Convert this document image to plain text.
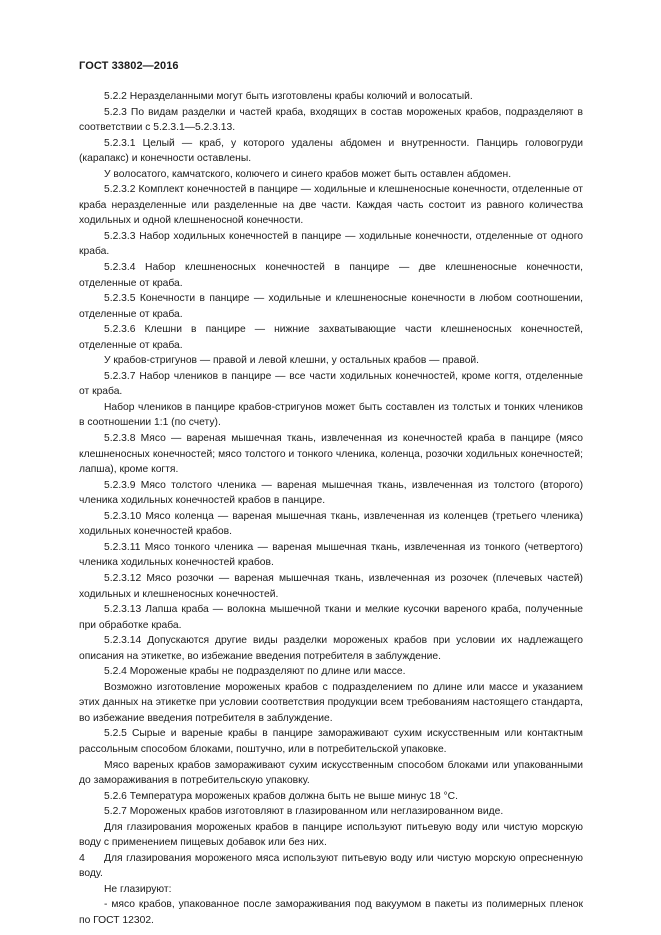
ГОСТ 33802—2016

5.2.2 Неразделанными могут быть изготовлены крабы колючий и волосатый.

5.2.3 По видам разделки и частей краба, входящих в состав мороженых крабов, подразделяют в соответствии с 5.2.3.1—5.2.3.13.

5.2.3.1 Целый — краб, у которого удалены абдомен и внутренности. Панцирь головогруди (карапакс) и конечности оставлены.

У волосатого, камчатского, колючего и синего крабов может быть оставлен абдомен.

5.2.3.2 Комплект конечностей в панцире — ходильные и клешненосные конечности, отделенные от краба неразделенные или разделенные на две части. Каждая часть состоит из равного количества ходильных и одной клешненосной конечности.

5.2.3.3 Набор ходильных конечностей в панцире — ходильные конечности, отделенные от одного краба.

5.2.3.4 Набор клешненосных конечностей в панцире — две клешненосные конечности, отделенные от краба.

5.2.3.5 Конечности в панцире — ходильные и клешненосные конечности в любом соотношении, отделенные от краба.

5.2.3.6 Клешни в панцире — нижние захватывающие части клешненосных конечностей, отделенные от краба.

У крабов-стригунов — правой и левой клешни, у остальных крабов — правой.

5.2.3.7 Набор члеников в панцире — все части ходильных конечностей, кроме когтя, отделенные от краба.

Набор члеников в панцире крабов-стригунов может быть составлен из толстых и тонких члеников в соотношении 1:1 (по счету).

5.2.3.8 Мясо — вареная мышечная ткань, извлеченная из конечностей краба в панцире (мясо клешненосных конечностей; мясо толстого и тонкого членика, коленца, розочки ходильных конечностей; лапша), кроме когтя.

5.2.3.9 Мясо толстого членика — вареная мышечная ткань, извлеченная из толстого (второго) членика ходильных конечностей крабов в панцире.

5.2.3.10 Мясо коленца — вареная мышечная ткань, извлеченная из коленцев (третьего членика) ходильных конечностей крабов.

5.2.3.11 Мясо тонкого членика — вареная мышечная ткань, извлеченная из тонкого (четвертого) членика ходильных конечностей крабов.

5.2.3.12 Мясо розочки — вареная мышечная ткань, извлеченная из розочек (плечевых частей) ходильных и клешненосных конечностей.

5.2.3.13 Лапша краба — волокна мышечной ткани и мелкие кусочки вареного краба, полученные при обработке краба.

5.2.3.14 Допускаются другие виды разделки мороженых крабов при условии их надлежащего описания на этикетке, во избежание введения потребителя в заблуждение.

5.2.4 Мороженые крабы не подразделяют по длине или массе.

Возможно изготовление мороженых крабов с подразделением по длине или массе и указанием этих данных на этикетке при условии соответствия продукции всем требованиям настоящего стандарта, во избежание введения потребителя в заблуждение.

5.2.5 Сырые и вареные крабы в панцире замораживают сухим искусственным или контактным рассольным способом блоками, поштучно, или в потребительской упаковке.

Мясо вареных крабов замораживают сухим искусственным способом блоками или упакованными до замораживания в потребительскую упаковку.

5.2.6 Температура мороженых крабов должна быть не выше минус 18 °С.

5.2.7 Мороженых крабов изготовляют в глазированном или неглазированном виде.

Для глазирования мороженых крабов в панцире используют питьевую воду или чистую морскую воду с применением пищевых добавок или без них.

Для глазирования мороженого мяса используют питьевую воду или чистую морскую опресненную воду.

Не глазируют:

- мясо крабов, упакованное после замораживания под вакуумом в пакеты из полимерных пленок по ГОСТ 12302.

4
